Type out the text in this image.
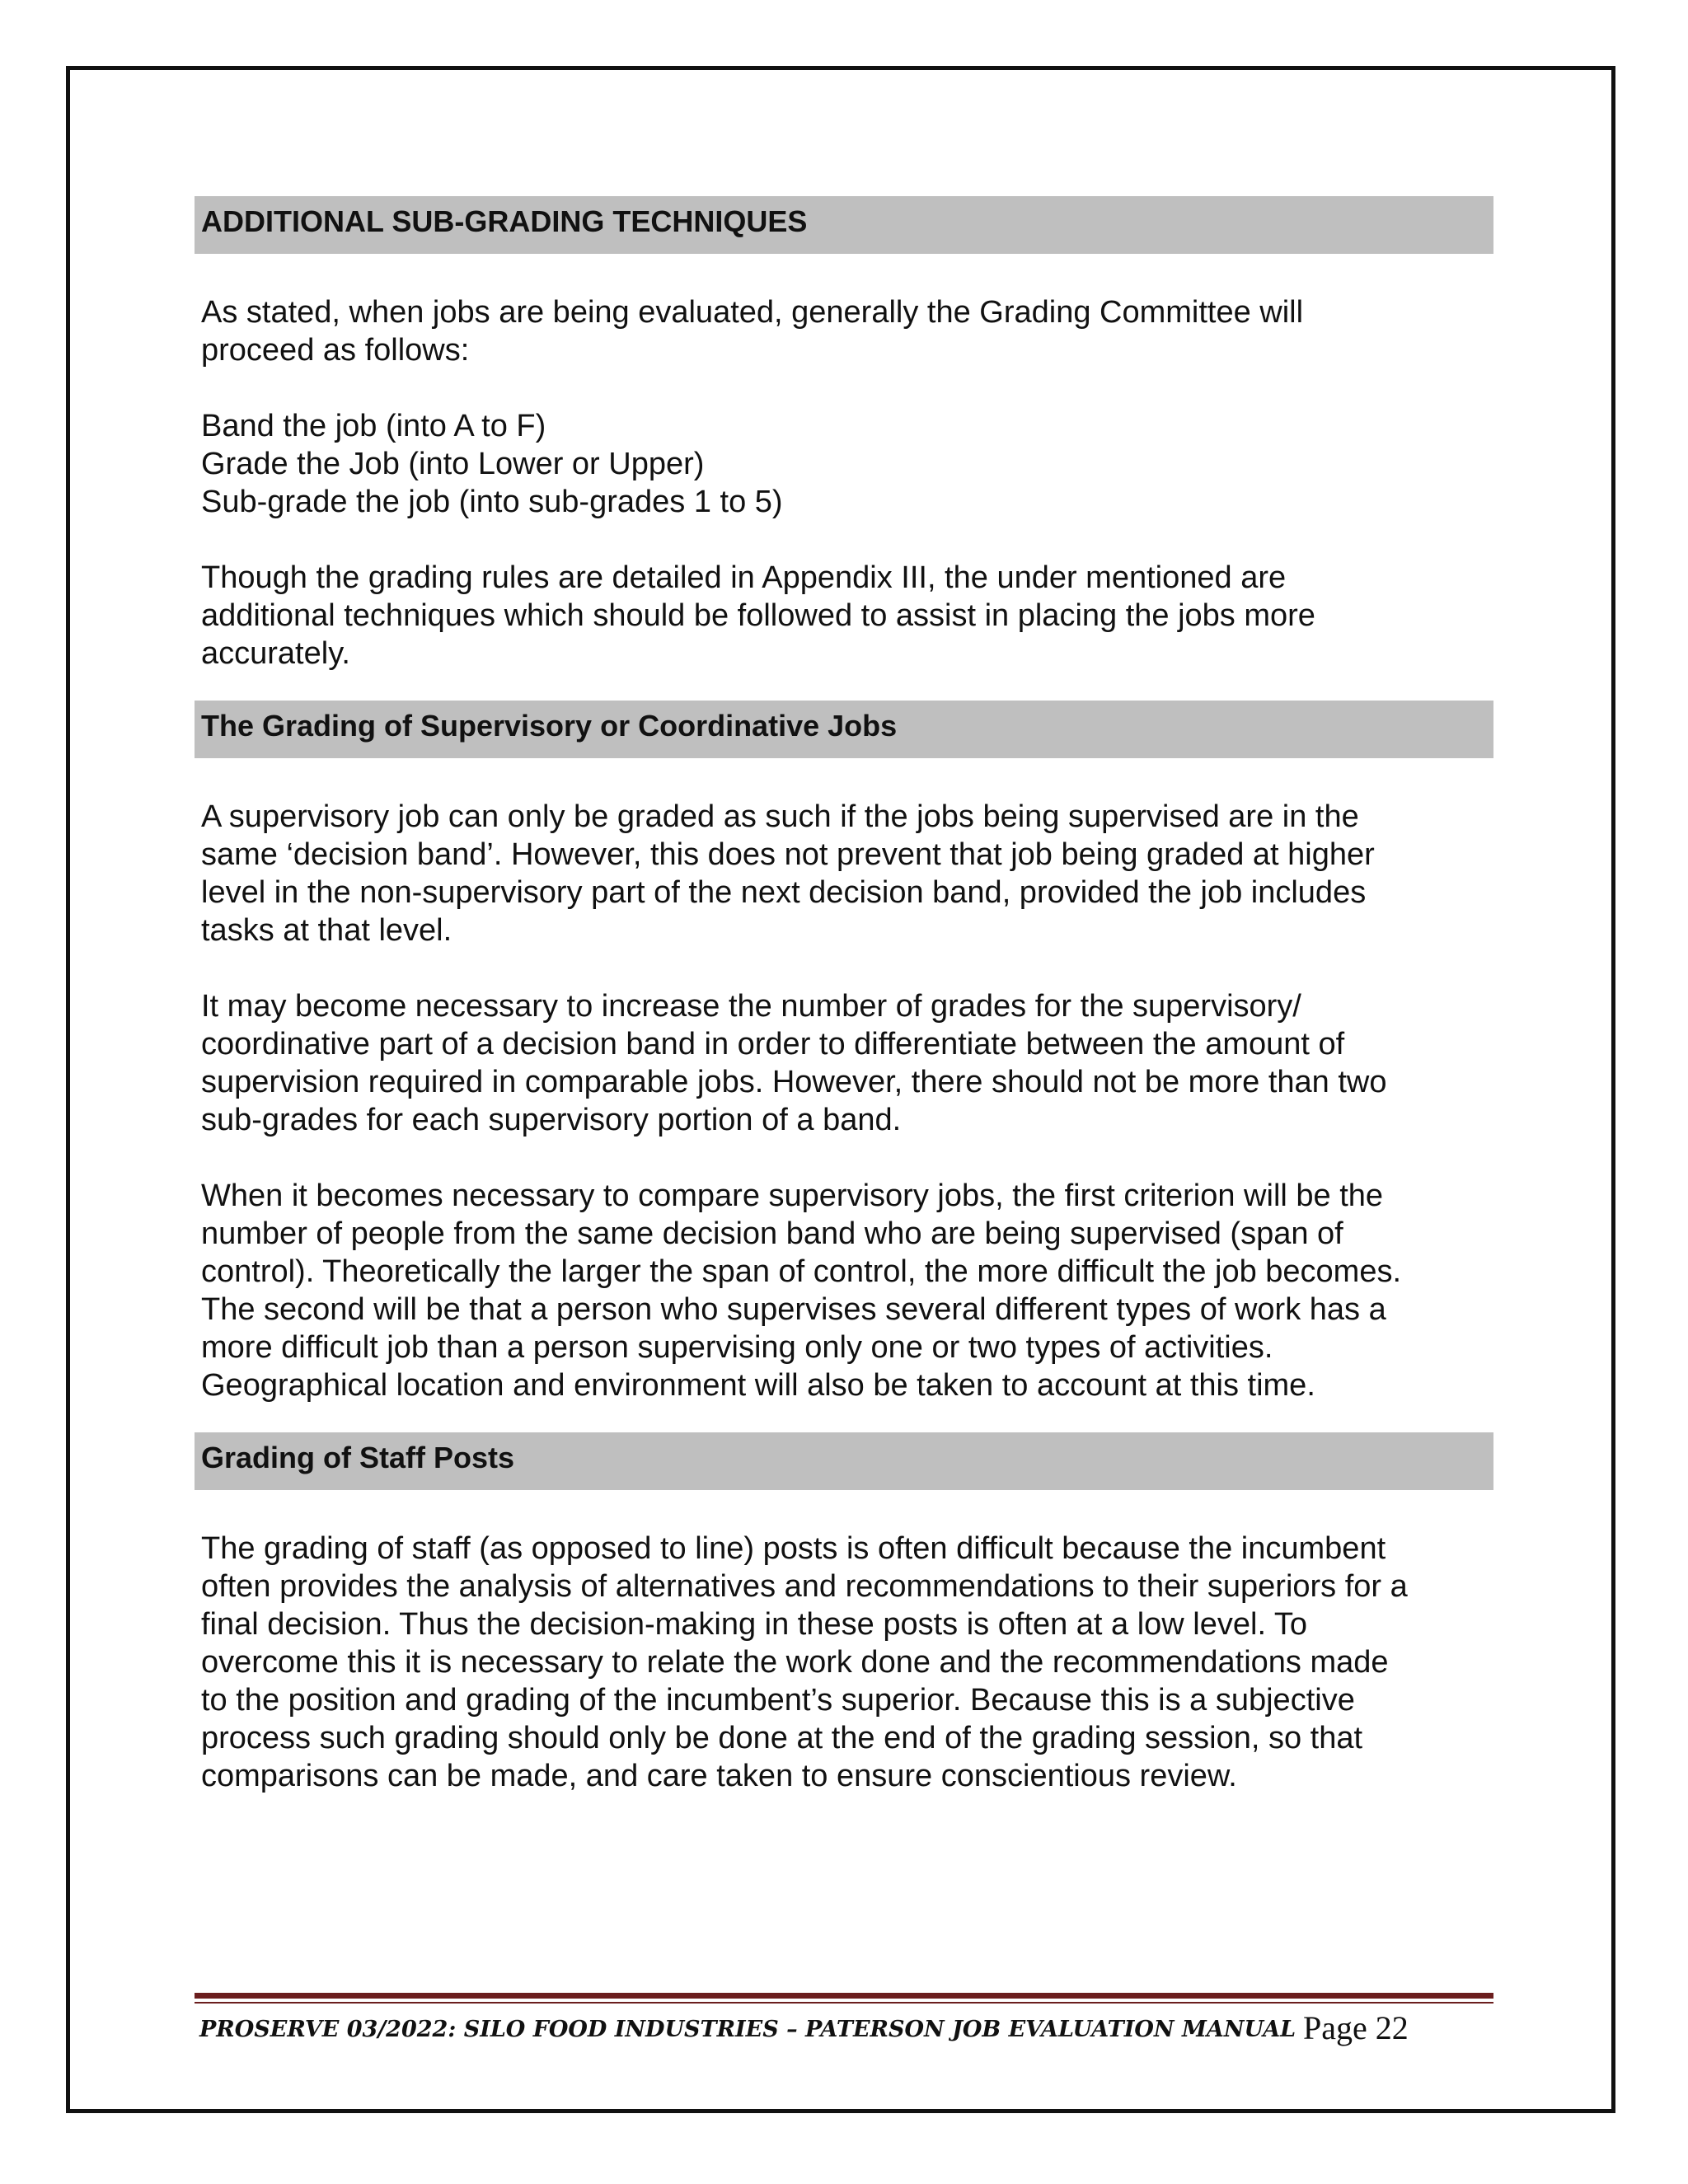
ADDITIONAL SUB-GRADING TECHNIQUES

As stated, when jobs are being evaluated, generally the Grading Committee will
proceed as follows:

Band the job (into A to F)
Grade the Job (into Lower or Upper)
Sub-grade the job (into sub-grades 1 to 5)

Though the grading rules are detailed in Appendix III, the under mentioned are
additional techniques which should be followed to assist in placing the jobs more
accurately.

The Grading of Supervisory or Coordinative Jobs

A supervisory job can only be graded as such if the jobs being supervised are in the
same ‘decision band’. However, this does not prevent that job being graded at higher
level in the non-supervisory part of the next decision band, provided the job includes
tasks at that level.

It may become necessary to increase the number of grades for the supervisory/
coordinative part of a decision band in order to differentiate between the amount of
supervision required in comparable jobs. However, there should not be more than two
sub-grades for each supervisory portion of a band.

When it becomes necessary to compare supervisory jobs, the first criterion will be the
number of people from the same decision band who are being supervised (span of
control). Theoretically the larger the span of control, the more difficult the job becomes.
The second will be that a person who supervises several different types of work has a
more difficult job than a person supervising only one or two types of activities.
Geographical location and environment will also be taken to account at this time.

Grading of Staff Posts

The grading of staff (as opposed to line) posts is often difficult because the incumbent
often provides the analysis of alternatives and recommendations to their superiors for a
final decision. Thus the decision-making in these posts is often at a low level. To
overcome this it is necessary to relate the work done and the recommendations made
to the position and grading of the incumbent’s superior. Because this is a subjective
process such grading should only be done at the end of the grading session, so that
comparisons can be made, and care taken to ensure conscientious review.

PROSERVE 03/2022: SILO FOOD INDUSTRIES – PATERSON JOB EVALUATION MANUAL Page 22
